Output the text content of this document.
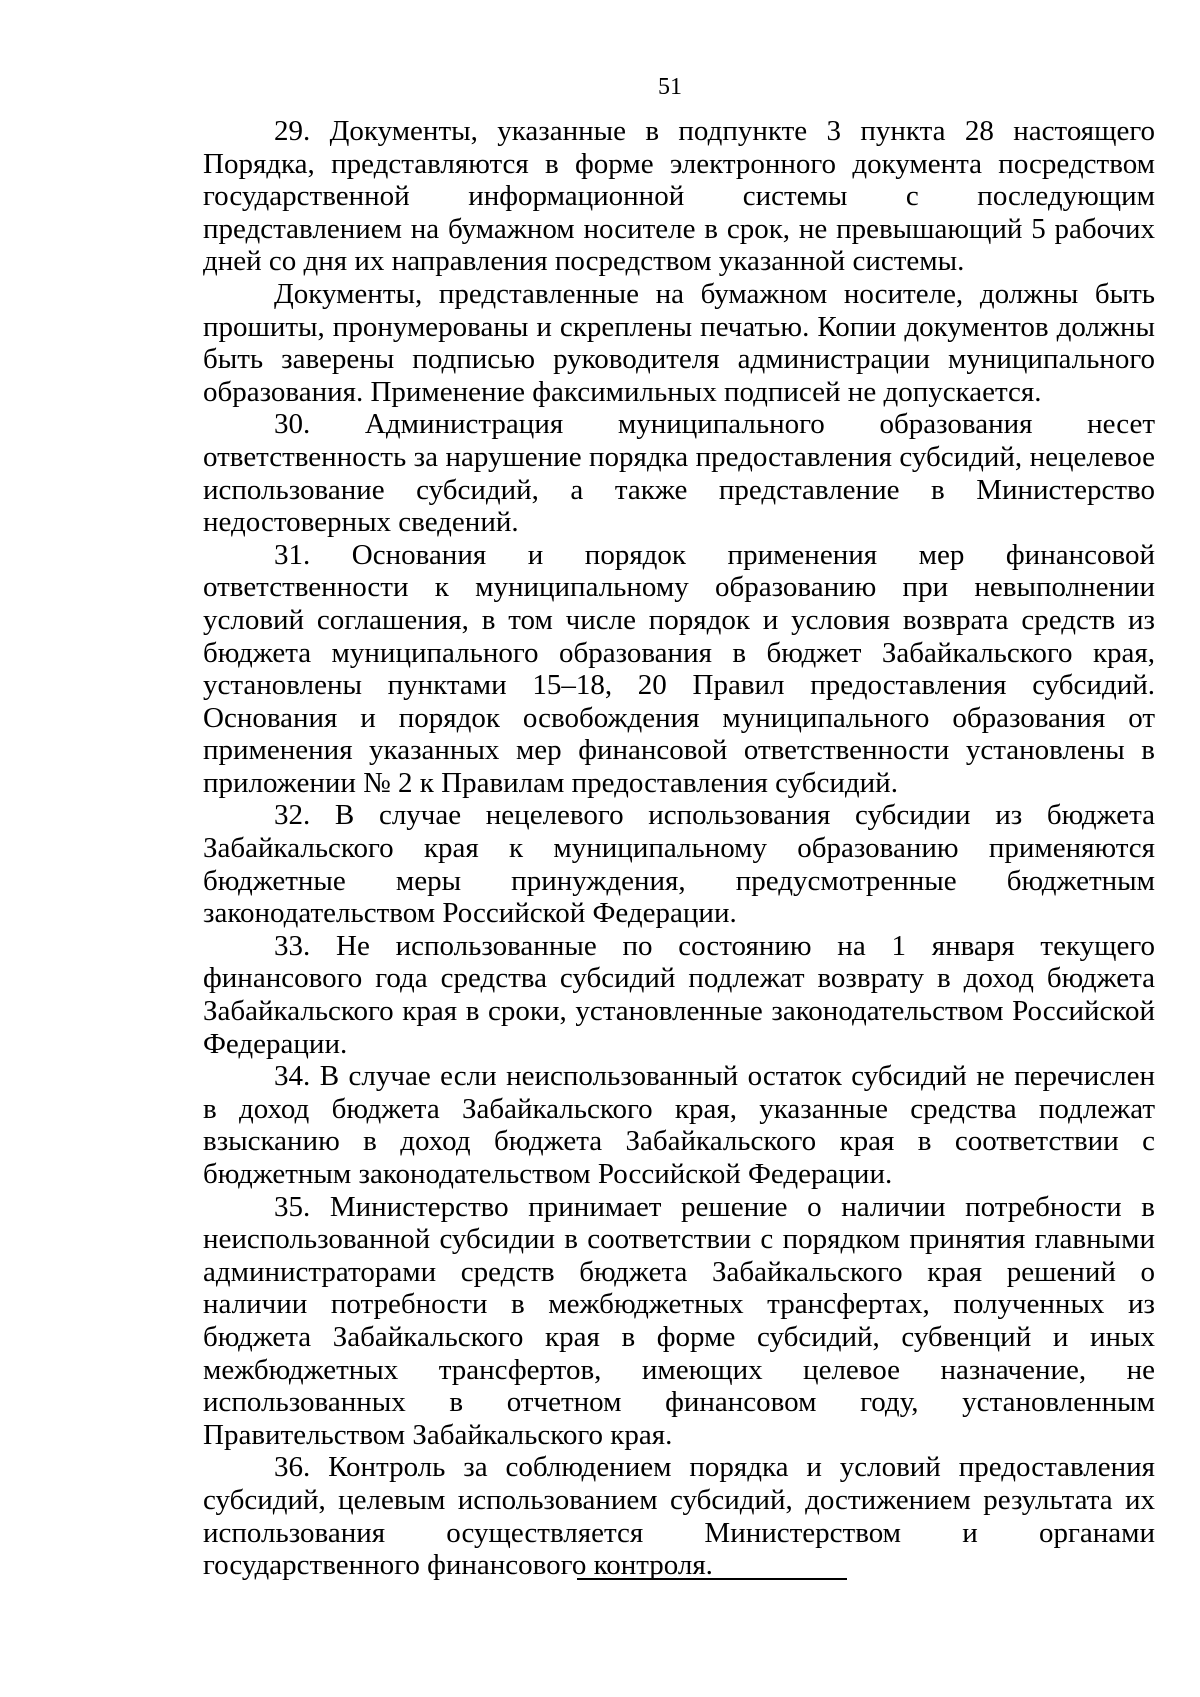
51

29. Документы, указанные в подпункте 3 пункта 28 настоящего Порядка, представляются в форме электронного документа посредством государственной информационной системы с последующим представлением на бумажном носителе в срок, не превышающий 5 рабочих дней со дня их направления посредством указанной системы.

Документы, представленные на бумажном носителе, должны быть прошиты, пронумерованы и скреплены печатью. Копии документов должны быть заверены подписью руководителя администрации муниципального образования. Применение факсимильных подписей не допускается.

30. Администрация муниципального образования несет ответственность за нарушение порядка предоставления субсидий, нецелевое использование субсидий, а также представление в Министерство недостоверных сведений.

31. Основания и порядок применения мер финансовой ответственности к муниципальному образованию при невыполнении условий соглашения, в том числе порядок и условия возврата средств из бюджета муниципального образования в бюджет Забайкальского края, установлены пунктами 15–18, 20 Правил предоставления субсидий. Основания и порядок освобождения муниципального образования от применения указанных мер финансовой ответственности установлены в приложении № 2 к Правилам предоставления субсидий.

32. В случае нецелевого использования субсидии из бюджета Забайкальского края к муниципальному образованию применяются бюджетные меры принуждения, предусмотренные бюджетным законодательством Российской Федерации.

33. Не использованные по состоянию на 1 января текущего финансового года средства субсидий подлежат возврату в доход бюджета Забайкальского края в сроки, установленные законодательством Российской Федерации.

34. В случае если неиспользованный остаток субсидий не перечислен в доход бюджета Забайкальского края, указанные средства подлежат взысканию в доход бюджета Забайкальского края в соответствии с бюджетным законодательством Российской Федерации.

35. Министерство принимает решение о наличии потребности в неиспользованной субсидии в соответствии с порядком принятия главными администраторами средств бюджета Забайкальского края решений о наличии потребности в межбюджетных трансфертах, полученных из бюджета Забайкальского края в форме субсидий, субвенций и иных межбюджетных трансфертов, имеющих целевое назначение, не использованных в отчетном финансовом году, установленным Правительством Забайкальского края.

36. Контроль за соблюдением порядка и условий предоставления субсидий, целевым использованием субсидий, достижением результата их использования осуществляется Министерством и органами государственного финансового контроля.
